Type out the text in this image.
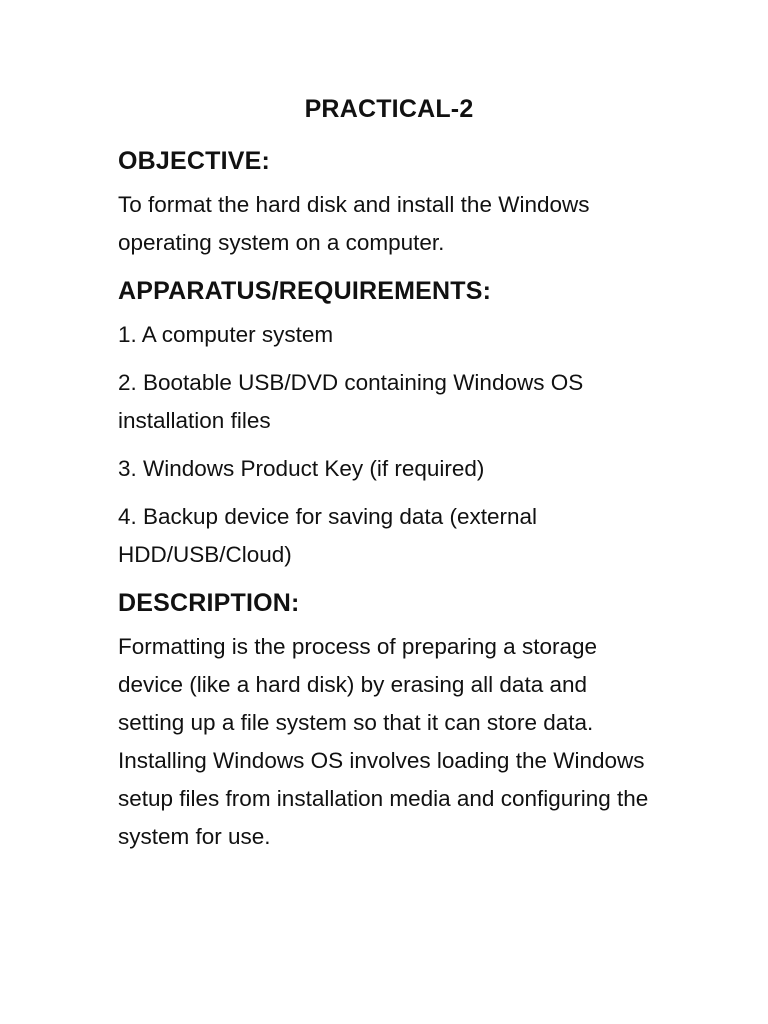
PRACTICAL-2
OBJECTIVE:

To format the hard disk and install the Windows operating system on a computer.

APPARATUS/REQUIREMENTS:
1. A computer system
2. Bootable USB/DVD containing Windows OS installation files
3. Windows Product Key (if required)
4. Backup device for saving data (external HDD/USB/Cloud)
DESCRIPTION:

Formatting is the process of preparing a storage device (like a hard disk) by erasing all data and setting up a file system so that it can store data. Installing Windows OS involves loading the Windows setup files from installation media and configuring the system for use.
